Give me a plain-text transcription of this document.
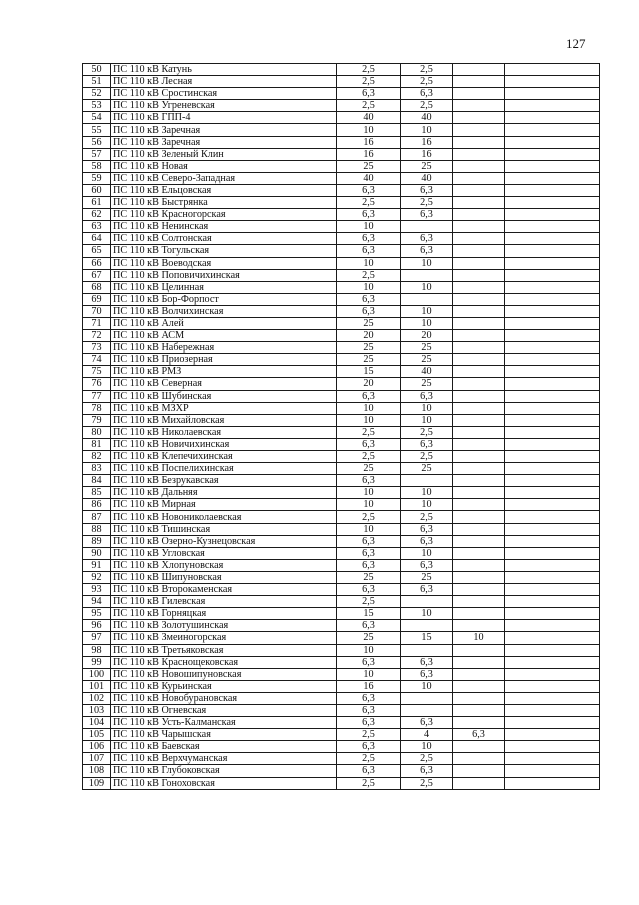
127
50	ПС 110 кВ Катунь	2,5	2,5		
51	ПС 110 кВ Лесная	2,5	2,5		
52	ПС 110 кВ Сростинская	6,3	6,3		
53	ПС 110 кВ Угреневская	2,5	2,5		
54	ПС 110 кВ ГПП-4	40	40		
55	ПС 110 кВ Заречная	10	10		
56	ПС 110 кВ Заречная	16	16		
57	ПС 110 кВ Зеленый Клин	16	16		
58	ПС 110 кВ Новая	25	25		
59	ПС 110 кВ Северо-Западная	40	40		
60	ПС 110 кВ Ельцовская	6,3	6,3		
61	ПС 110 кВ Быстрянка	2,5	2,5		
62	ПС 110 кВ Красногорская	6,3	6,3		
63	ПС 110 кВ Ненинская	10			
64	ПС 110 кВ Солтонская	6,3	6,3		
65	ПС 110 кВ Тогульская	6,3	6,3		
66	ПС 110 кВ Воеводская	10	10		
67	ПС 110 кВ Поповичихинская	2,5			
68	ПС 110 кВ Целинная	10	10		
69	ПС 110 кВ Бор-Форпост	6,3			
70	ПС 110 кВ Волчихинская	6,3	10		
71	ПС 110 кВ Алей	25	10		
72	ПС 110 кВ АСМ	20	20		
73	ПС 110 кВ Набережная	25	25		
74	ПС 110 кВ Приозерная	25	25		
75	ПС 110 кВ РМЗ	15	40		
76	ПС 110 кВ Северная	20	25		
77	ПС 110 кВ Шубинская	6,3	6,3		
78	ПС 110 кВ МЗХР	10	10		
79	ПС 110 кВ Михайловская	10	10		
80	ПС 110 кВ Николаевская	2,5	2,5		
81	ПС 110 кВ Новичихинская	6,3	6,3		
82	ПС 110 кВ Клепечихинская	2,5	2,5		
83	ПС 110 кВ Поспелихинская	25	25		
84	ПС 110 кВ Безрукавская	6,3			
85	ПС 110 кВ Дальняя	10	10		
86	ПС 110 кВ Мирная	10	10		
87	ПС 110 кВ Новониколаевская	2,5	2,5		
88	ПС 110 кВ Тишинская	10	6,3		
89	ПС 110 кВ Озерно-Кузнецовская	6,3	6,3		
90	ПС 110 кВ Угловская	6,3	10		
91	ПС 110 кВ Хлопуновская	6,3	6,3		
92	ПС 110 кВ Шипуновская	25	25		
93	ПС 110 кВ Второкаменская	6,3	6,3		
94	ПС 110 кВ Гилевская	2,5			
95	ПС 110 кВ Горняцкая	15	10		
96	ПС 110 кВ Золотушинская	6,3			
97	ПС 110 кВ Змеиногорская	25	15	10	
98	ПС 110 кВ Третьяковская	10			
99	ПС 110 кВ Краснощековская	6,3	6,3		
100	ПС 110 кВ Новошипуновская	10	6,3		
101	ПС 110 кВ Курьинская	16	10		
102	ПС 110 кВ Новобурановская	6,3			
103	ПС 110 кВ Огневская	6,3			
104	ПС 110 кВ Усть-Калманская	6,3	6,3		
105	ПС 110 кВ Чарышская	2,5	4	6,3	
106	ПС 110 кВ Баевская	6,3	10		
107	ПС 110 кВ Верхчуманская	2,5	2,5		
108	ПС 110 кВ Глубоковская	6,3	6,3		
109	ПС 110 кВ Гоноховская	2,5	2,5		
